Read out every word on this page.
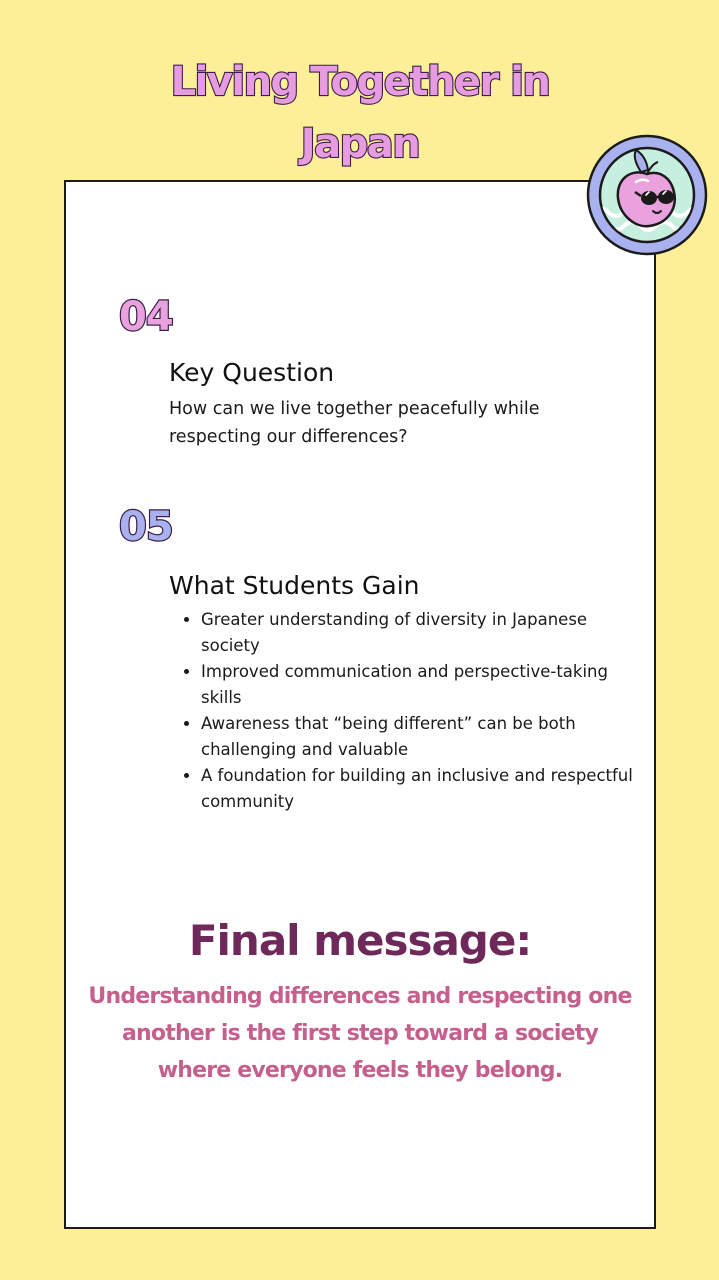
Living Together in
Japan
04
Key Question
How can we live together peacefully while respecting our differences?
05
What Students Gain
• Greater understanding of diversity in Japanese society
• Improved communication and perspective-taking skills
• Awareness that “being different” can be both challenging and valuable
• A foundation for building an inclusive and respectful community
Final message:
Understanding differences and respecting one another is the first step toward a society where everyone feels they belong.
